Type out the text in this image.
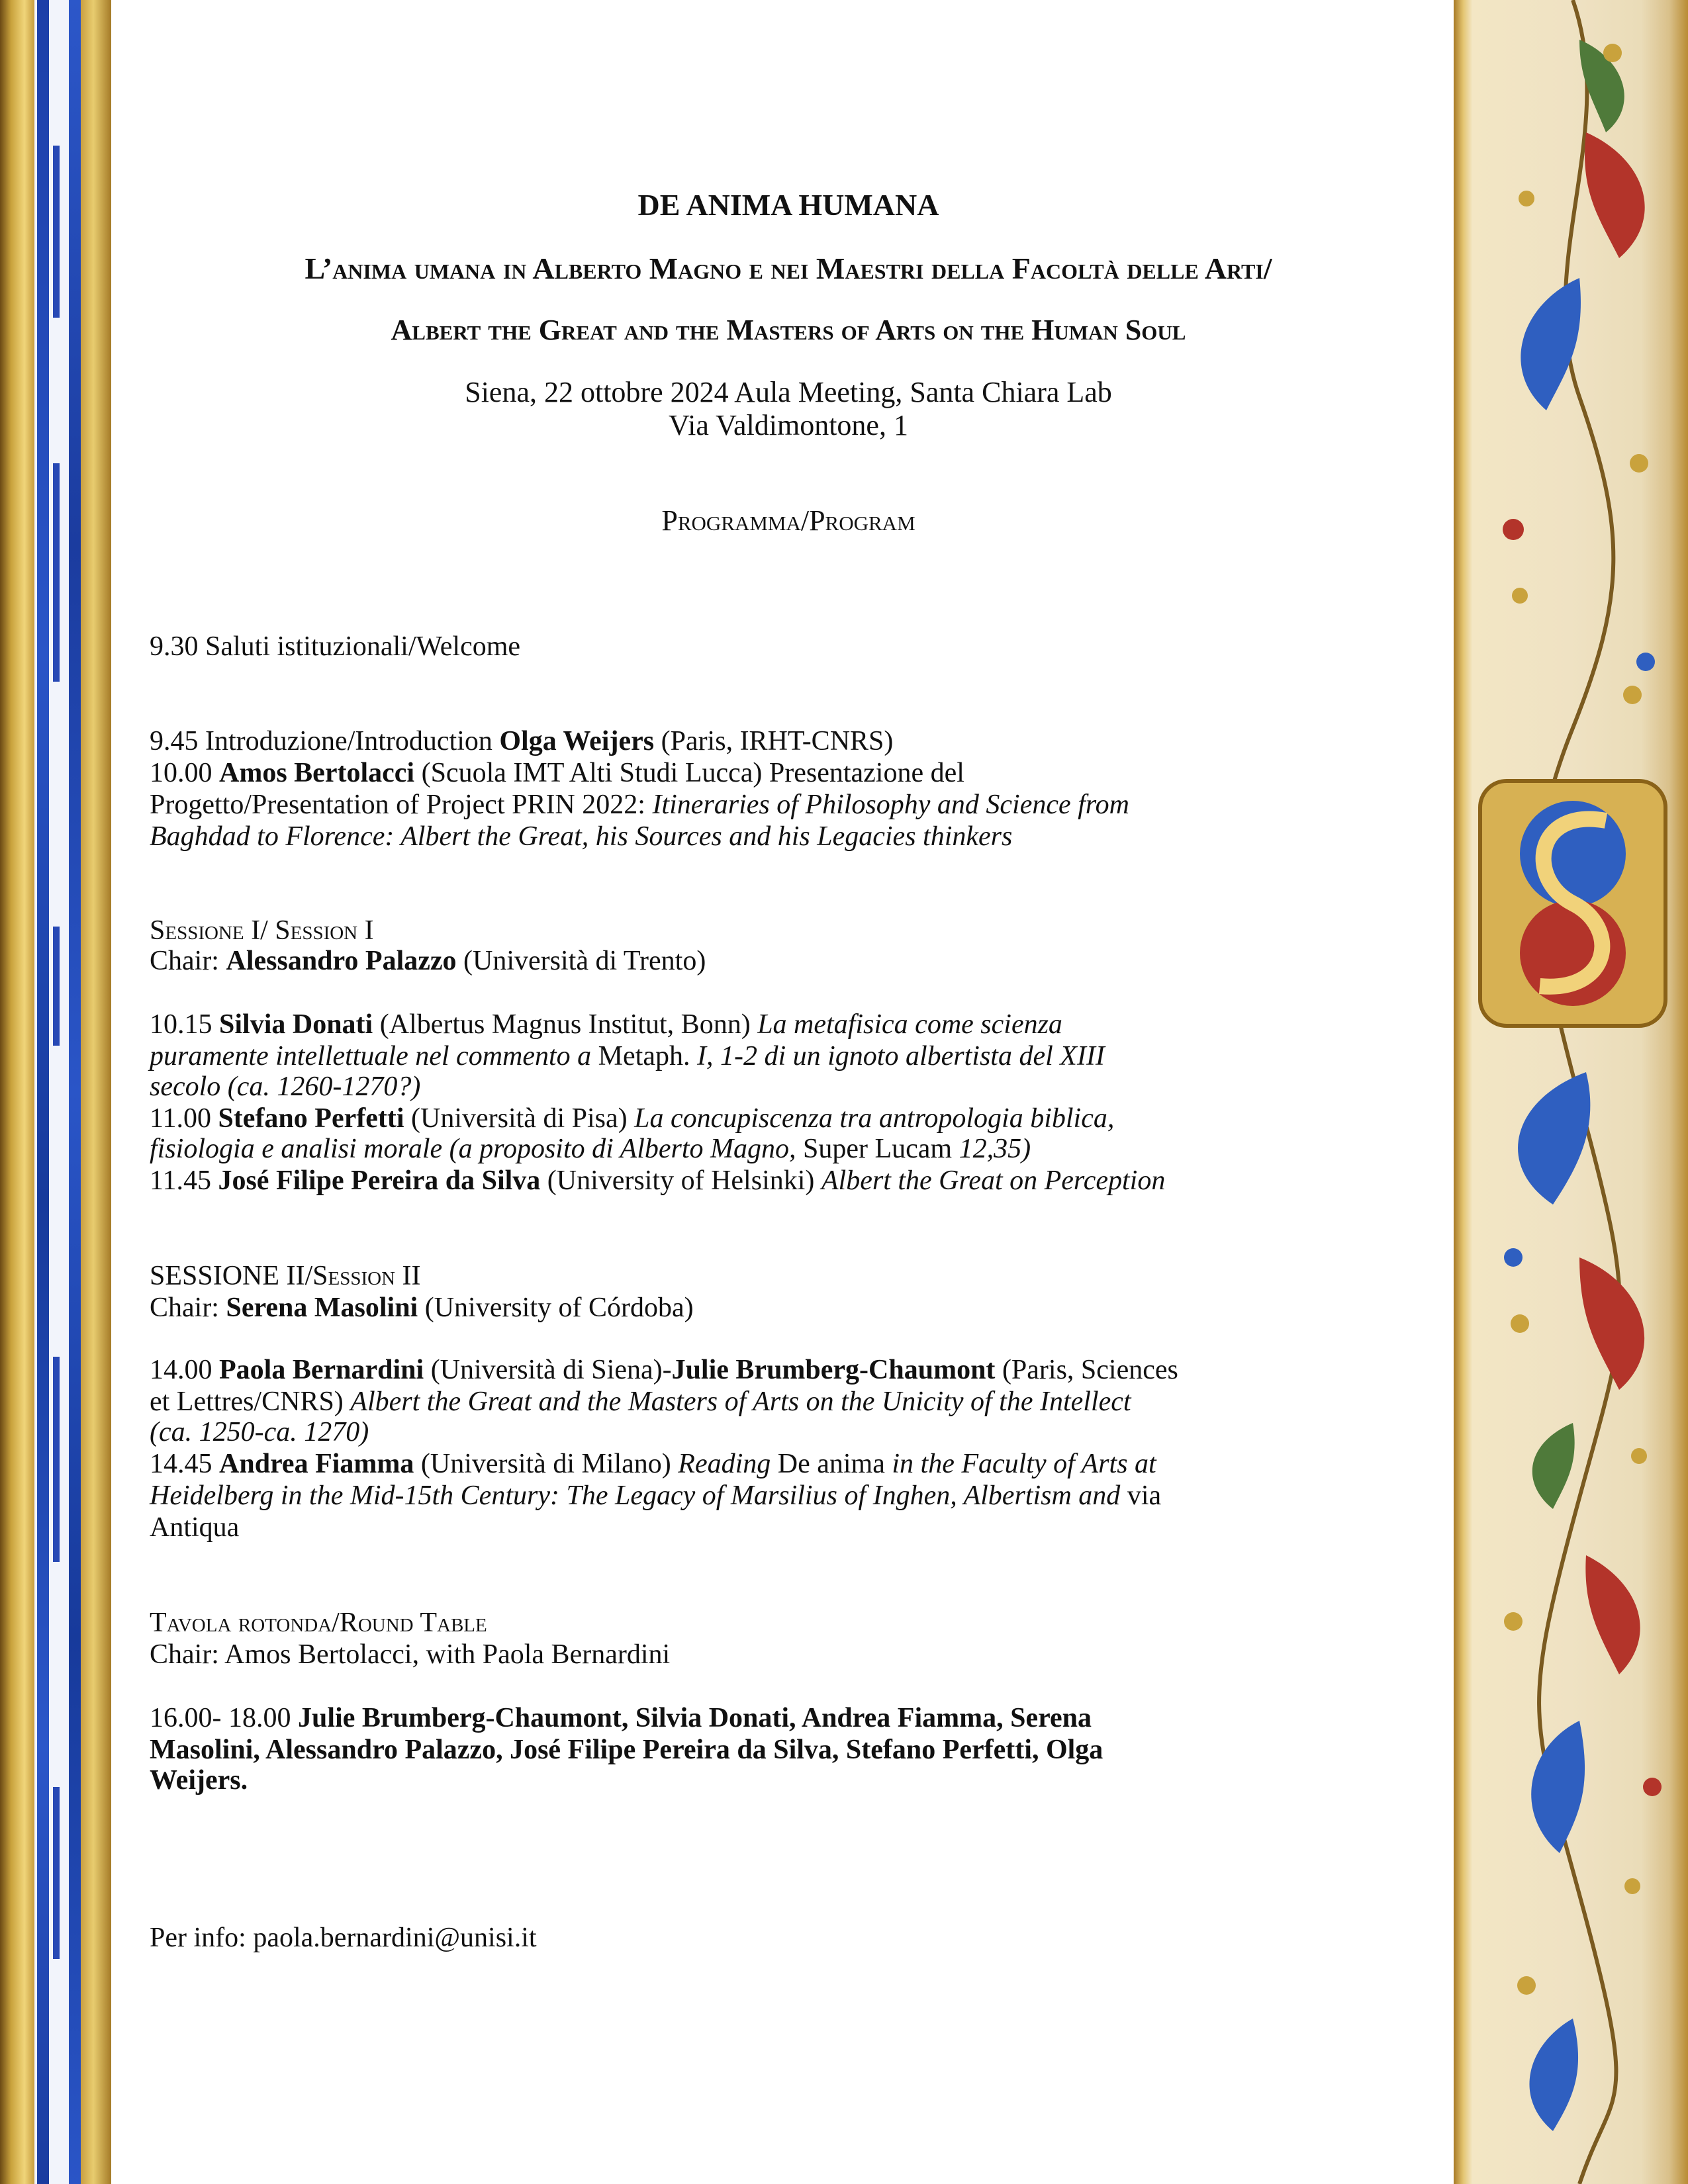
DE ANIMA HUMANA
L’anima umana in Alberto Magno e nei Maestri della Facoltà delle Arti/
Albert the Great and the Masters of Arts on the Human Soul
Siena, 22 ottobre 2024 Aula Meeting, Santa Chiara Lab
Via Valdimontone, 1
Programma/Program
9.30 Saluti istituzionali/Welcome
9.45 Introduzione/Introduction Olga Weijers (Paris, IRHT-CNRS)
10.00 Amos Bertolacci (Scuola IMT Alti Studi Lucca) Presentazione del
Progetto/Presentation of Project PRIN 2022: Itineraries of Philosophy and Science from
Baghdad to Florence: Albert the Great, his Sources and his Legacies thinkers
Sessione I/ Session I
Chair: Alessandro Palazzo (Università di Trento)
10.15 Silvia Donati (Albertus Magnus Institut, Bonn) La metafisica come scienza
puramente intellettuale nel commento a Metaph. I, 1-2 di un ignoto albertista del XIII
secolo (ca. 1260-1270?)
11.00 Stefano Perfetti (Università di Pisa) La concupiscenza tra antropologia biblica,
fisiologia e analisi morale (a proposito di Alberto Magno, Super Lucam 12,35)
11.45 José Filipe Pereira da Silva (University of Helsinki) Albert the Great on Perception
SESSIONE II/Session II
Chair: Serena Masolini (University of Córdoba)
14.00 Paola Bernardini (Università di Siena)-Julie Brumberg-Chaumont (Paris, Sciences
et Lettres/CNRS) Albert the Great and the Masters of Arts on the Unicity of the Intellect
(ca. 1250-ca. 1270)
14.45 Andrea Fiamma (Università di Milano) Reading De anima in the Faculty of Arts at
Heidelberg in the Mid-15th Century: The Legacy of Marsilius of Inghen, Albertism and via
Antiqua
Tavola rotonda/Round Table
Chair: Amos Bertolacci, with Paola Bernardini
16.00- 18.00 Julie Brumberg-Chaumont, Silvia Donati, Andrea Fiamma, Serena
Masolini, Alessandro Palazzo, José Filipe Pereira da Silva, Stefano Perfetti, Olga
Weijers.
Per info: paola.bernardini@unisi.it
